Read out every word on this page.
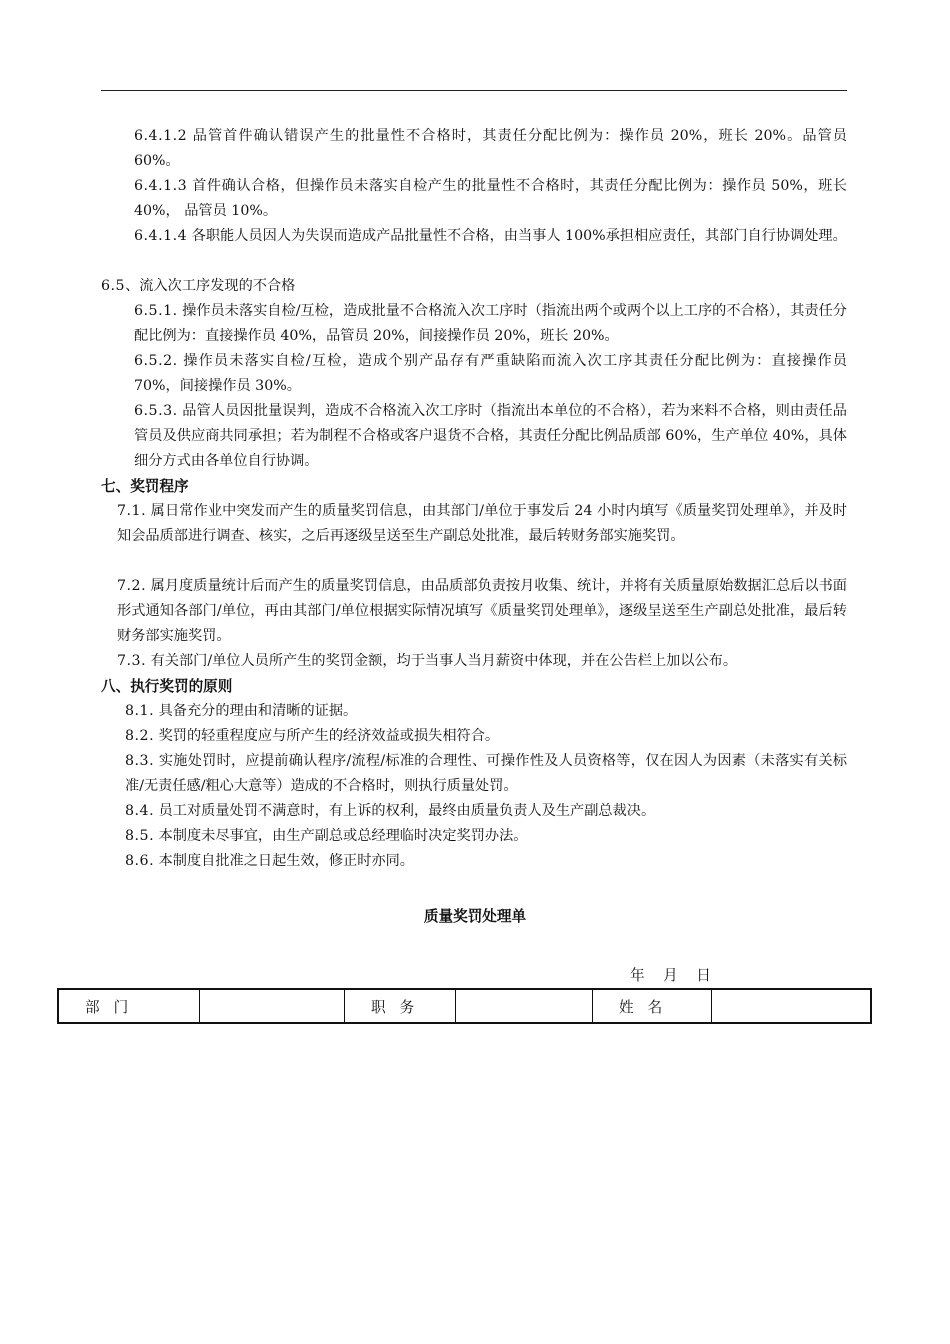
6.4.1.2 品管首件确认错误产生的批量性不合格时，其责任分配比例为：操作员 20%，班长 20%。品管员 60%。
6.4.1.3 首件确认合格，但操作员未落实自检产生的批量性不合格时，其责任分配比例为：操作员 50%，班长 40%， 品管员 10%。
6.4.1.4 各职能人员因人为失误而造成产品批量性不合格，由当事人 100%承担相应责任，其部门自行协调处理。
6.5、流入次工序发现的不合格
6.5.1. 操作员未落实自检/互检，造成批量不合格流入次工序时（指流出两个或两个以上工序的不合格），其责任分配比例为：直接操作员 40%，品管员 20%，间接操作员 20%，班长 20%。
6.5.2. 操作员未落实自检/互检，造成个别产品存有严重缺陷而流入次工序其责任分配比例为：直接操作员 70%，间接操作员 30%。
6.5.3. 品管人员因批量误判，造成不合格流入次工序时（指流出本单位的不合格），若为来料不合格，则由责任品管员及供应商共同承担；若为制程不合格或客户退货不合格，其责任分配比例品质部 60%，生产单位 40%，具体细分方式由各单位自行协调。
七、奖罚程序
7.1. 属日常作业中突发而产生的质量奖罚信息，由其部门/单位于事发后 24 小时内填写《质量奖罚处理单》，并及时知会品质部进行调查、核实，之后再逐级呈送至生产副总处批准，最后转财务部实施奖罚。
7.2. 属月度质量统计后而产生的质量奖罚信息，由品质部负责按月收集、统计，并将有关质量原始数据汇总后以书面形式通知各部门/单位，再由其部门/单位根据实际情况填写《质量奖罚处理单》，逐级呈送至生产副总处批准，最后转财务部实施奖罚。
7.3. 有关部门/单位人员所产生的奖罚金额，均于当事人当月薪资中体现，并在公告栏上加以公布。
八、执行奖罚的原则
8.1. 具备充分的理由和清晰的证据。
8.2. 奖罚的轻重程度应与所产生的经济效益或损失相符合。
8.3. 实施处罚时，应提前确认程序/流程/标准的合理性、可操作性及人员资格等，仅在因人为因素（未落实有关标准/无责任感/粗心大意等）造成的不合格时，则执行质量处罚。
8.4. 员工对质量处罚不满意时，有上诉的权利，最终由质量负责人及生产副总裁决。
8.5. 本制度未尽事宜，由生产副总或总经理临时决定奖罚办法。
8.6. 本制度自批准之日起生效，修正时亦同。
质量奖罚处理单
年    月    日
部门		职务		姓名	
